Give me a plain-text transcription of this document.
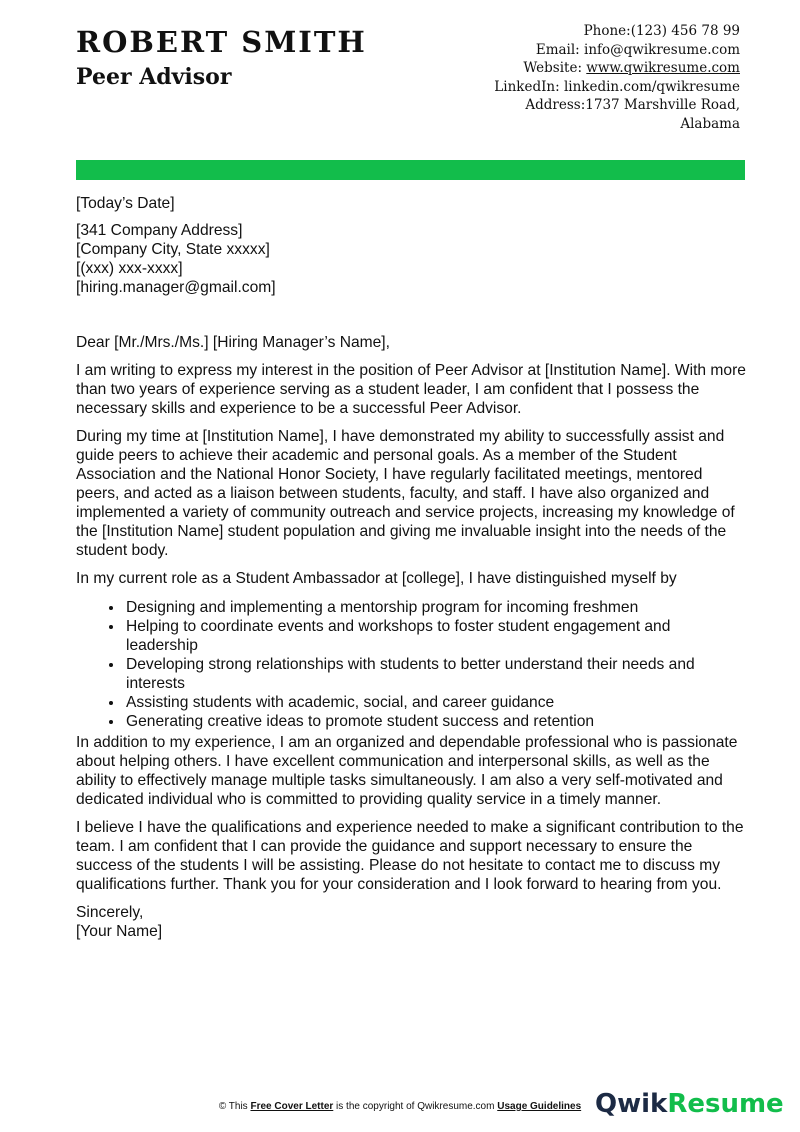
ROBERT SMITH
Peer Advisor
Phone:(123) 456 78 99
Email: info@qwikresume.com
Website: www.qwikresume.com
LinkedIn: linkedin.com/qwikresume
Address:1737 Marshville Road,
Alabama

[Today’s Date]

[341 Company Address]

[Company City, State xxxxx]

[(xxx) xxx-xxxx]

[hiring.manager@gmail.com]

Dear [Mr./Mrs./Ms.] [Hiring Manager’s Name],

I am writing to express my interest in the position of Peer Advisor at [Institution Name]. With more than two years of experience serving as a student leader, I am confident that I possess the necessary skills and experience to be a successful Peer Advisor.

During my time at [Institution Name], I have demonstrated my ability to successfully assist and guide peers to achieve their academic and personal goals. As a member of the Student Association and the National Honor Society, I have regularly facilitated meetings, mentored peers, and acted as a liaison between students, faculty, and staff. I have also organized and implemented a variety of community outreach and service projects, increasing my knowledge of the [Institution Name] student population and giving me invaluable insight into the needs of the student body.

In my current role as a Student Ambassador at [college], I have distinguished myself by

• Designing and implementing a mentorship program for incoming freshmen
• Helping to coordinate events and workshops to foster student engagement and leadership
• Developing strong relationships with students to better understand their needs and interests
• Assisting students with academic, social, and career guidance
• Generating creative ideas to promote student success and retention

In addition to my experience, I am an organized and dependable professional who is passionate about helping others. I have excellent communication and interpersonal skills, as well as the ability to effectively manage multiple tasks simultaneously. I am also a very self-motivated and dedicated individual who is committed to providing quality service in a timely manner.

I believe I have the qualifications and experience needed to make a significant contribution to the team. I am confident that I can provide the guidance and support necessary to ensure the success of the students I will be assisting. Please do not hesitate to contact me to discuss my qualifications further. Thank you for your consideration and I look forward to hearing from you.

Sincerely,

[Your Name]

QwikResume
© This Free Cover Letter is the copyright of Qwikresume.com Usage Guidelines
